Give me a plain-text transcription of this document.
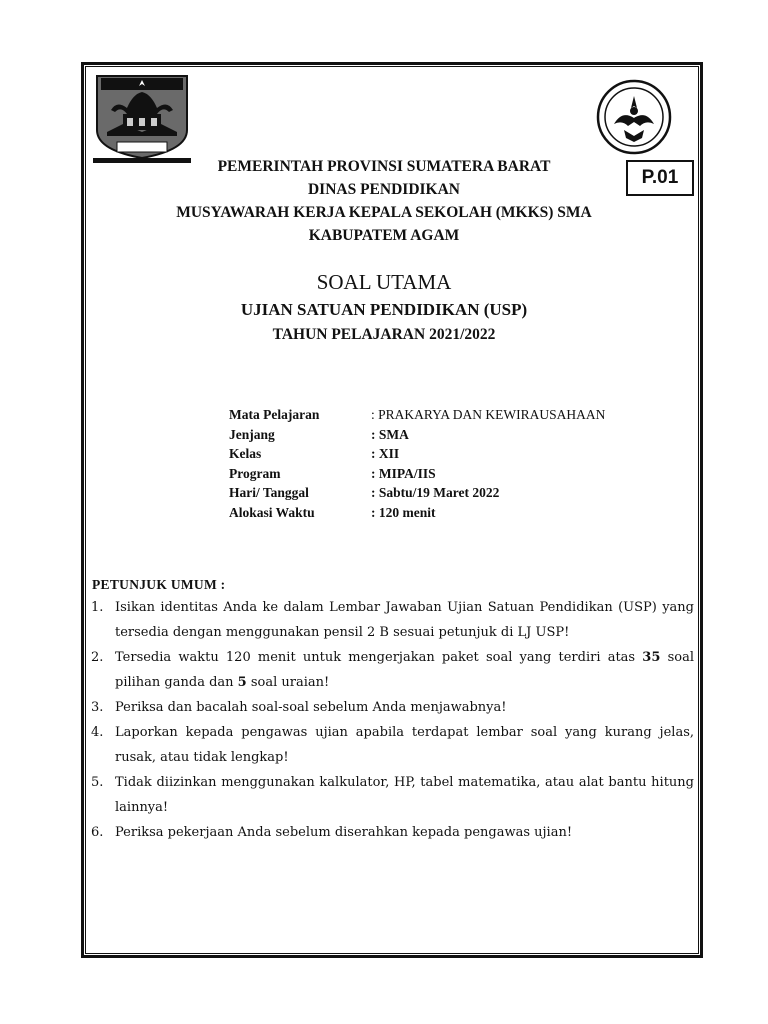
P.01
PEMERINTAH PROVINSI SUMATERA BARAT
DINAS PENDIDIKAN
MUSYAWARAH KERJA KEPALA SEKOLAH (MKKS) SMA
KABUPATEM AGAM
SOAL UTAMA
UJIAN SATUAN PENDIDIKAN (USP)
TAHUN PELAJARAN 2021/2022
Mata Pelajaran	: PRAKARYA DAN KEWIRAUSAHAAN
Jenjang	: SMA
Kelas	: XII
Program	: MIPA/IIS
Hari/ Tanggal	: Sabtu/19 Maret 2022
Alokasi Waktu	: 120 menit
PETUNJUK UMUM :
1. Isikan identitas Anda ke dalam Lembar Jawaban Ujian Satuan Pendidikan (USP) yang tersedia dengan menggunakan pensil 2 B sesuai petunjuk di LJ USP!
2. Tersedia waktu 120 menit untuk mengerjakan paket soal yang terdiri atas 35 soal pilihan ganda dan 5 soal uraian!
3. Periksa dan bacalah soal-soal sebelum Anda menjawabnya!
4. Laporkan kepada pengawas ujian apabila terdapat lembar soal yang kurang jelas, rusak, atau tidak lengkap!
5. Tidak diizinkan menggunakan kalkulator, HP, tabel matematika, atau alat bantu hitung lainnya!
6. Periksa pekerjaan Anda sebelum diserahkan kepada pengawas ujian!
